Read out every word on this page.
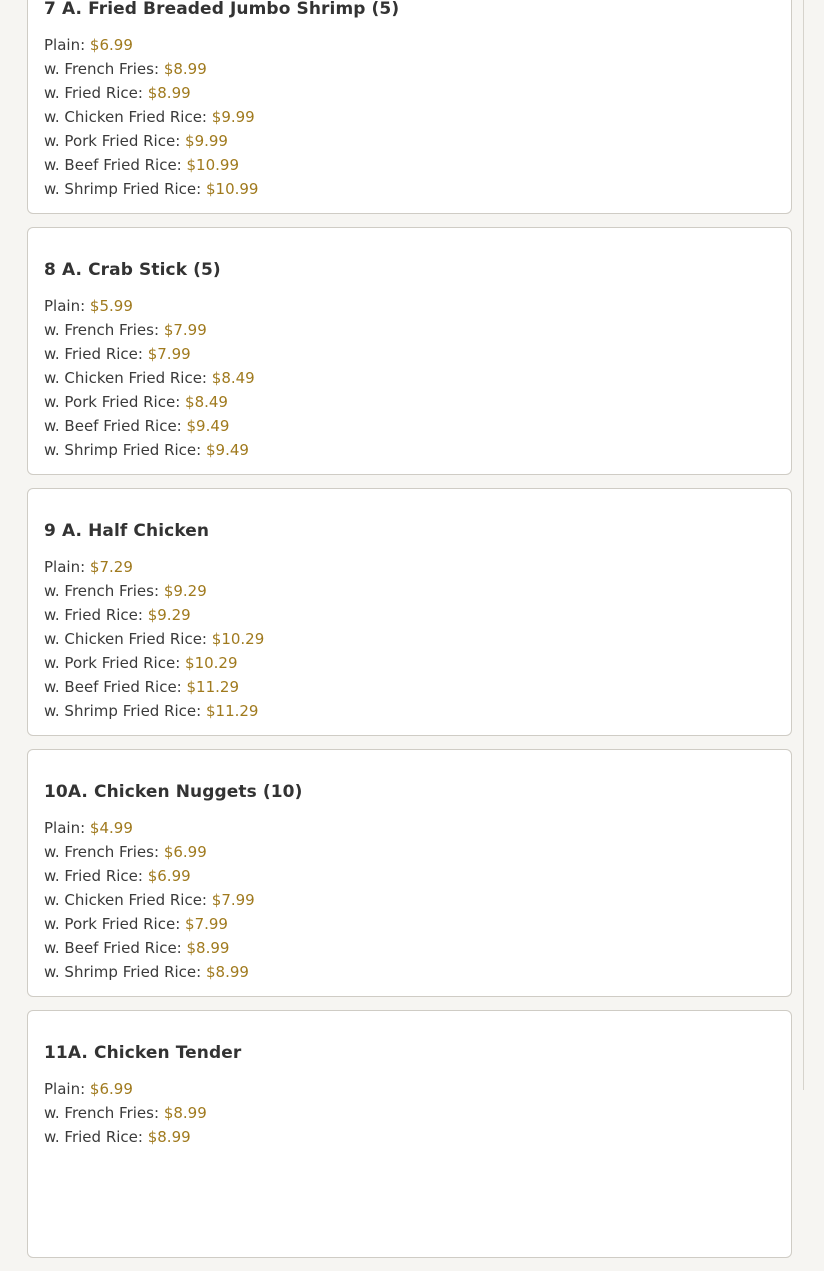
7 A. Fried Breaded Jumbo Shrimp (5)
Plain: $6.99
w. French Fries: $8.99
w. Fried Rice: $8.99
w. Chicken Fried Rice: $9.99
w. Pork Fried Rice: $9.99
w. Beef Fried Rice: $10.99
w. Shrimp Fried Rice: $10.99
8 A. Crab Stick (5)
Plain: $5.99
w. French Fries: $7.99
w. Fried Rice: $7.99
w. Chicken Fried Rice: $8.49
w. Pork Fried Rice: $8.49
w. Beef Fried Rice: $9.49
w. Shrimp Fried Rice: $9.49
9 A. Half Chicken
Plain: $7.29
w. French Fries: $9.29
w. Fried Rice: $9.29
w. Chicken Fried Rice: $10.29
w. Pork Fried Rice: $10.29
w. Beef Fried Rice: $11.29
w. Shrimp Fried Rice: $11.29
10A. Chicken Nuggets (10)
Plain: $4.99
w. French Fries: $6.99
w. Fried Rice: $6.99
w. Chicken Fried Rice: $7.99
w. Pork Fried Rice: $7.99
w. Beef Fried Rice: $8.99
w. Shrimp Fried Rice: $8.99
11A. Chicken Tender
Plain: $6.99
w. French Fries: $8.99
w. Fried Rice: $8.99
